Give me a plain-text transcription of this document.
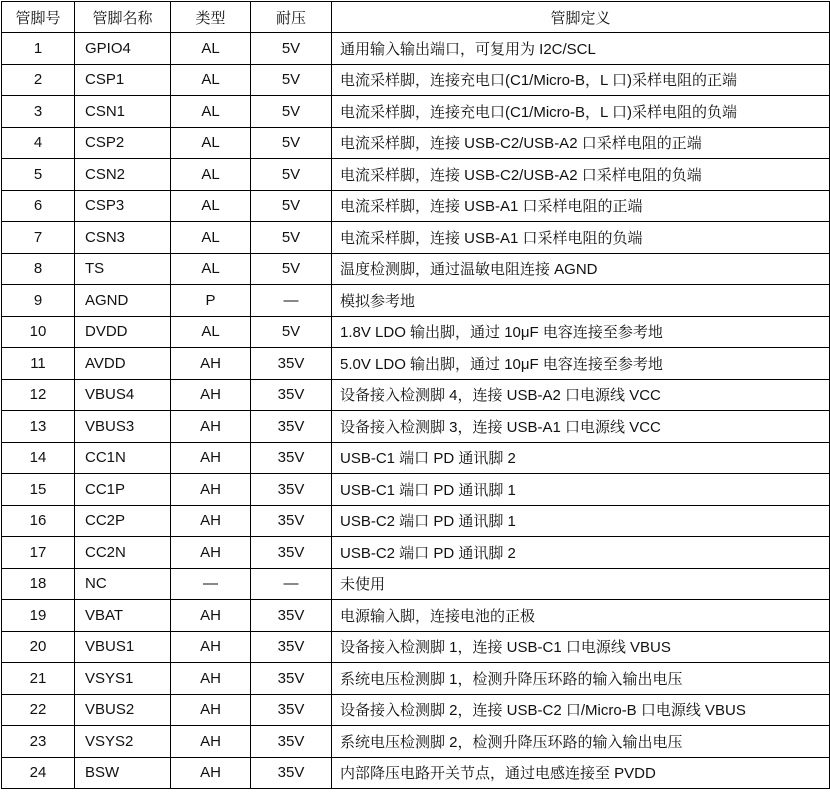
管脚号	管脚名称	类型	耐压	管脚定义
1	GPIO4	AL	5V	通用输入输出端口，可复用为 I2C/SCL
2	CSP1	AL	5V	电流采样脚，连接充电口(C1/Micro-B，L 口)采样电阻的正端
3	CSN1	AL	5V	电流采样脚，连接充电口(C1/Micro-B，L 口)采样电阻的负端
4	CSP2	AL	5V	电流采样脚，连接 USB-C2/USB-A2 口采样电阻的正端
5	CSN2	AL	5V	电流采样脚，连接 USB-C2/USB-A2 口采样电阻的负端
6	CSP3	AL	5V	电流采样脚，连接 USB-A1 口采样电阻的正端
7	CSN3	AL	5V	电流采样脚，连接 USB-A1 口采样电阻的负端
8	TS	AL	5V	温度检测脚，通过温敏电阻连接 AGND
9	AGND	P	—	模拟参考地
10	DVDD	AL	5V	1.8V LDO 输出脚，通过 10μF 电容连接至参考地
11	AVDD	AH	35V	5.0V LDO 输出脚，通过 10μF 电容连接至参考地
12	VBUS4	AH	35V	设备接入检测脚 4，连接 USB-A2 口电源线 VCC
13	VBUS3	AH	35V	设备接入检测脚 3，连接 USB-A1 口电源线 VCC
14	CC1N	AH	35V	USB-C1 端口 PD 通讯脚 2
15	CC1P	AH	35V	USB-C1 端口 PD 通讯脚 1
16	CC2P	AH	35V	USB-C2 端口 PD 通讯脚 1
17	CC2N	AH	35V	USB-C2 端口 PD 通讯脚 2
18	NC	—	—	未使用
19	VBAT	AH	35V	电源输入脚，连接电池的正极
20	VBUS1	AH	35V	设备接入检测脚 1，连接 USB-C1 口电源线 VBUS
21	VSYS1	AH	35V	系统电压检测脚 1，检测升降压环路的输入输出电压
22	VBUS2	AH	35V	设备接入检测脚 2，连接 USB-C2 口/Micro-B 口电源线 VBUS
23	VSYS2	AH	35V	系统电压检测脚 2，检测升降压环路的输入输出电压
24	BSW	AH	35V	内部降压电路开关节点，通过电感连接至 PVDD
